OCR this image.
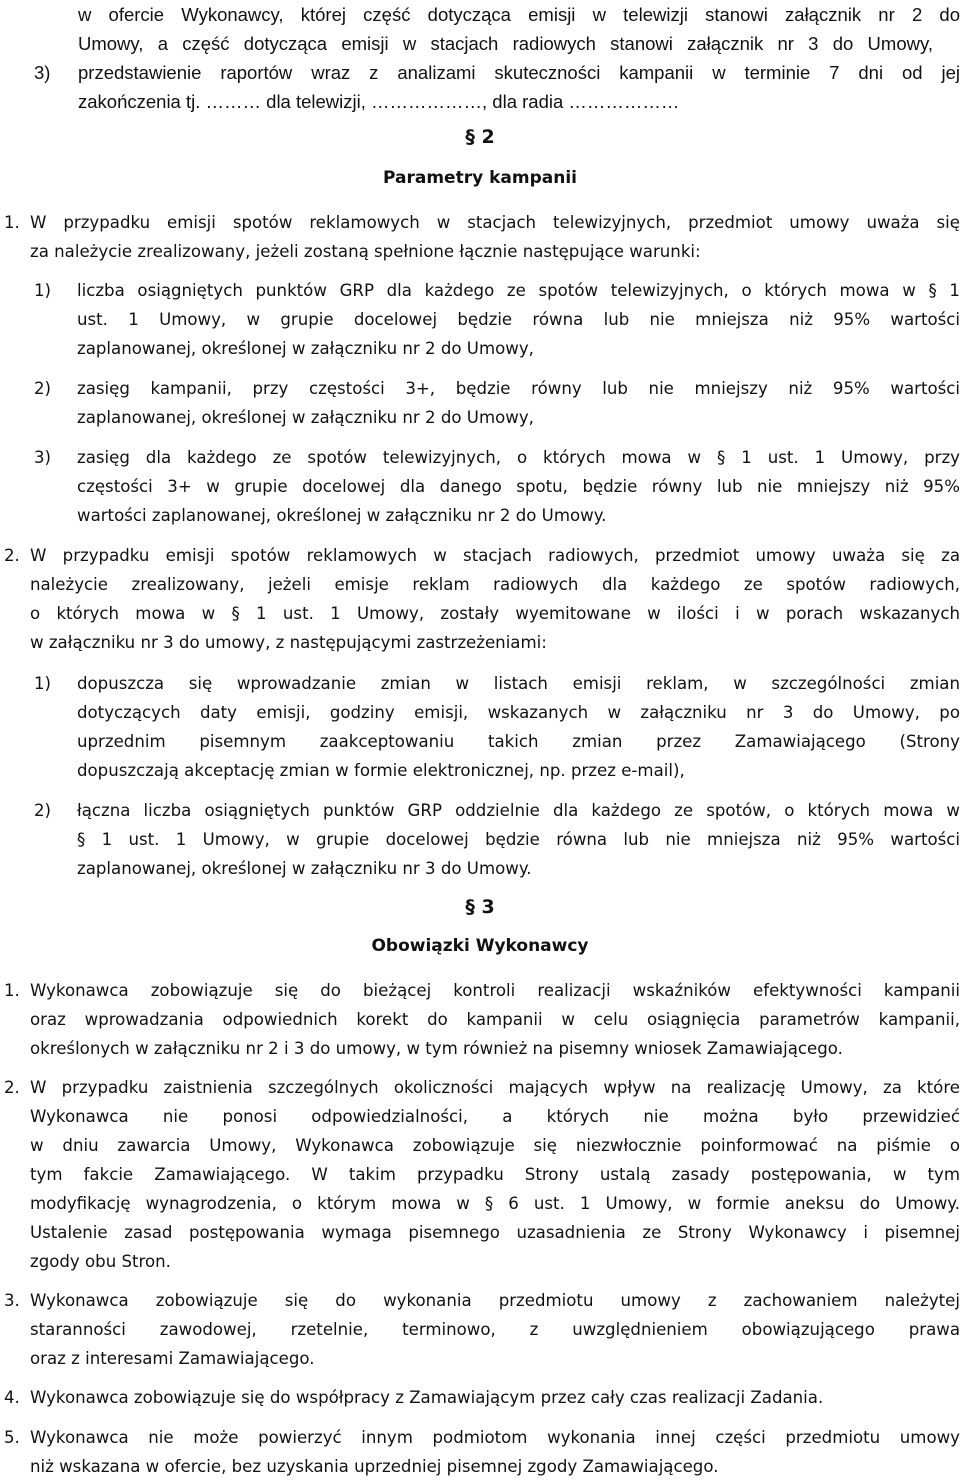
w ofercie Wykonawcy, której część dotycząca emisji w telewizji stanowi załącznik nr 2 do
Umowy, a część dotycząca emisji w stacjach radiowych stanowi załącznik nr 3 do Umowy,
3) przedstawienie raportów wraz z analizami skuteczności kampanii w terminie 7 dni od jej
zakończenia tj. ……… dla telewizji, ………………, dla radia ………………
§ 2
Parametry kampanii
1. W przypadku emisji spotów reklamowych w stacjach telewizyjnych, przedmiot umowy uważa się
za należycie zrealizowany, jeżeli zostaną spełnione łącznie następujące warunki:
1) liczba osiągniętych punktów GRP dla każdego ze spotów telewizyjnych, o których mowa w § 1
ust. 1 Umowy, w grupie docelowej będzie równa lub nie mniejsza niż 95% wartości
zaplanowanej, określonej w załączniku nr 2 do Umowy,
2) zasięg kampanii, przy częstości 3+, będzie równy lub nie mniejszy niż 95% wartości
zaplanowanej, określonej w załączniku nr 2 do Umowy,
3) zasięg dla każdego ze spotów telewizyjnych, o których mowa w § 1 ust. 1 Umowy, przy
częstości 3+ w grupie docelowej dla danego spotu, będzie równy lub nie mniejszy niż 95%
wartości zaplanowanej, określonej w załączniku nr 2 do Umowy.
2. W przypadku emisji spotów reklamowych w stacjach radiowych, przedmiot umowy uważa się za
należycie zrealizowany, jeżeli emisje reklam radiowych dla każdego ze spotów radiowych,
o których mowa w § 1 ust. 1 Umowy, zostały wyemitowane w ilości i w porach wskazanych
w załączniku nr 3 do umowy, z następującymi zastrzeżeniami:
1) dopuszcza się wprowadzanie zmian w listach emisji reklam, w szczególności zmian
dotyczących daty emisji, godziny emisji, wskazanych w załączniku nr 3 do Umowy, po
uprzednim pisemnym zaakceptowaniu takich zmian przez Zamawiającego (Strony
dopuszczają akceptację zmian w formie elektronicznej, np. przez e-mail),
2) łączna liczba osiągniętych punktów GRP oddzielnie dla każdego ze spotów, o których mowa w
§ 1 ust. 1 Umowy, w grupie docelowej będzie równa lub nie mniejsza niż 95% wartości
zaplanowanej, określonej w załączniku nr 3 do Umowy.
§ 3
Obowiązki Wykonawcy
1. Wykonawca zobowiązuje się do bieżącej kontroli realizacji wskaźników efektywności kampanii
oraz wprowadzania odpowiednich korekt do kampanii w celu osiągnięcia parametrów kampanii,
określonych w załączniku nr 2 i 3 do umowy, w tym również na pisemny wniosek Zamawiającego.
2. W przypadku zaistnienia szczególnych okoliczności mających wpływ na realizację Umowy, za które
Wykonawca nie ponosi odpowiedzialności, a których nie można było przewidzieć
w dniu zawarcia Umowy, Wykonawca zobowiązuje się niezwłocznie poinformować na piśmie o
tym fakcie Zamawiającego. W takim przypadku Strony ustalą zasady postępowania, w tym
modyfikację wynagrodzenia, o którym mowa w § 6 ust. 1 Umowy, w formie aneksu do Umowy.
Ustalenie zasad postępowania wymaga pisemnego uzasadnienia ze Strony Wykonawcy i pisemnej
zgody obu Stron.
3. Wykonawca zobowiązuje się do wykonania przedmiotu umowy z zachowaniem należytej
staranności zawodowej, rzetelnie, terminowo, z uwzględnieniem obowiązującego prawa
oraz z interesami Zamawiającego.
4. Wykonawca zobowiązuje się do współpracy z Zamawiającym przez cały czas realizacji Zadania.
5. Wykonawca nie może powierzyć innym podmiotom wykonania innej części przedmiotu umowy
niż wskazana w ofercie, bez uzyskania uprzedniej pisemnej zgody Zamawiającego.
